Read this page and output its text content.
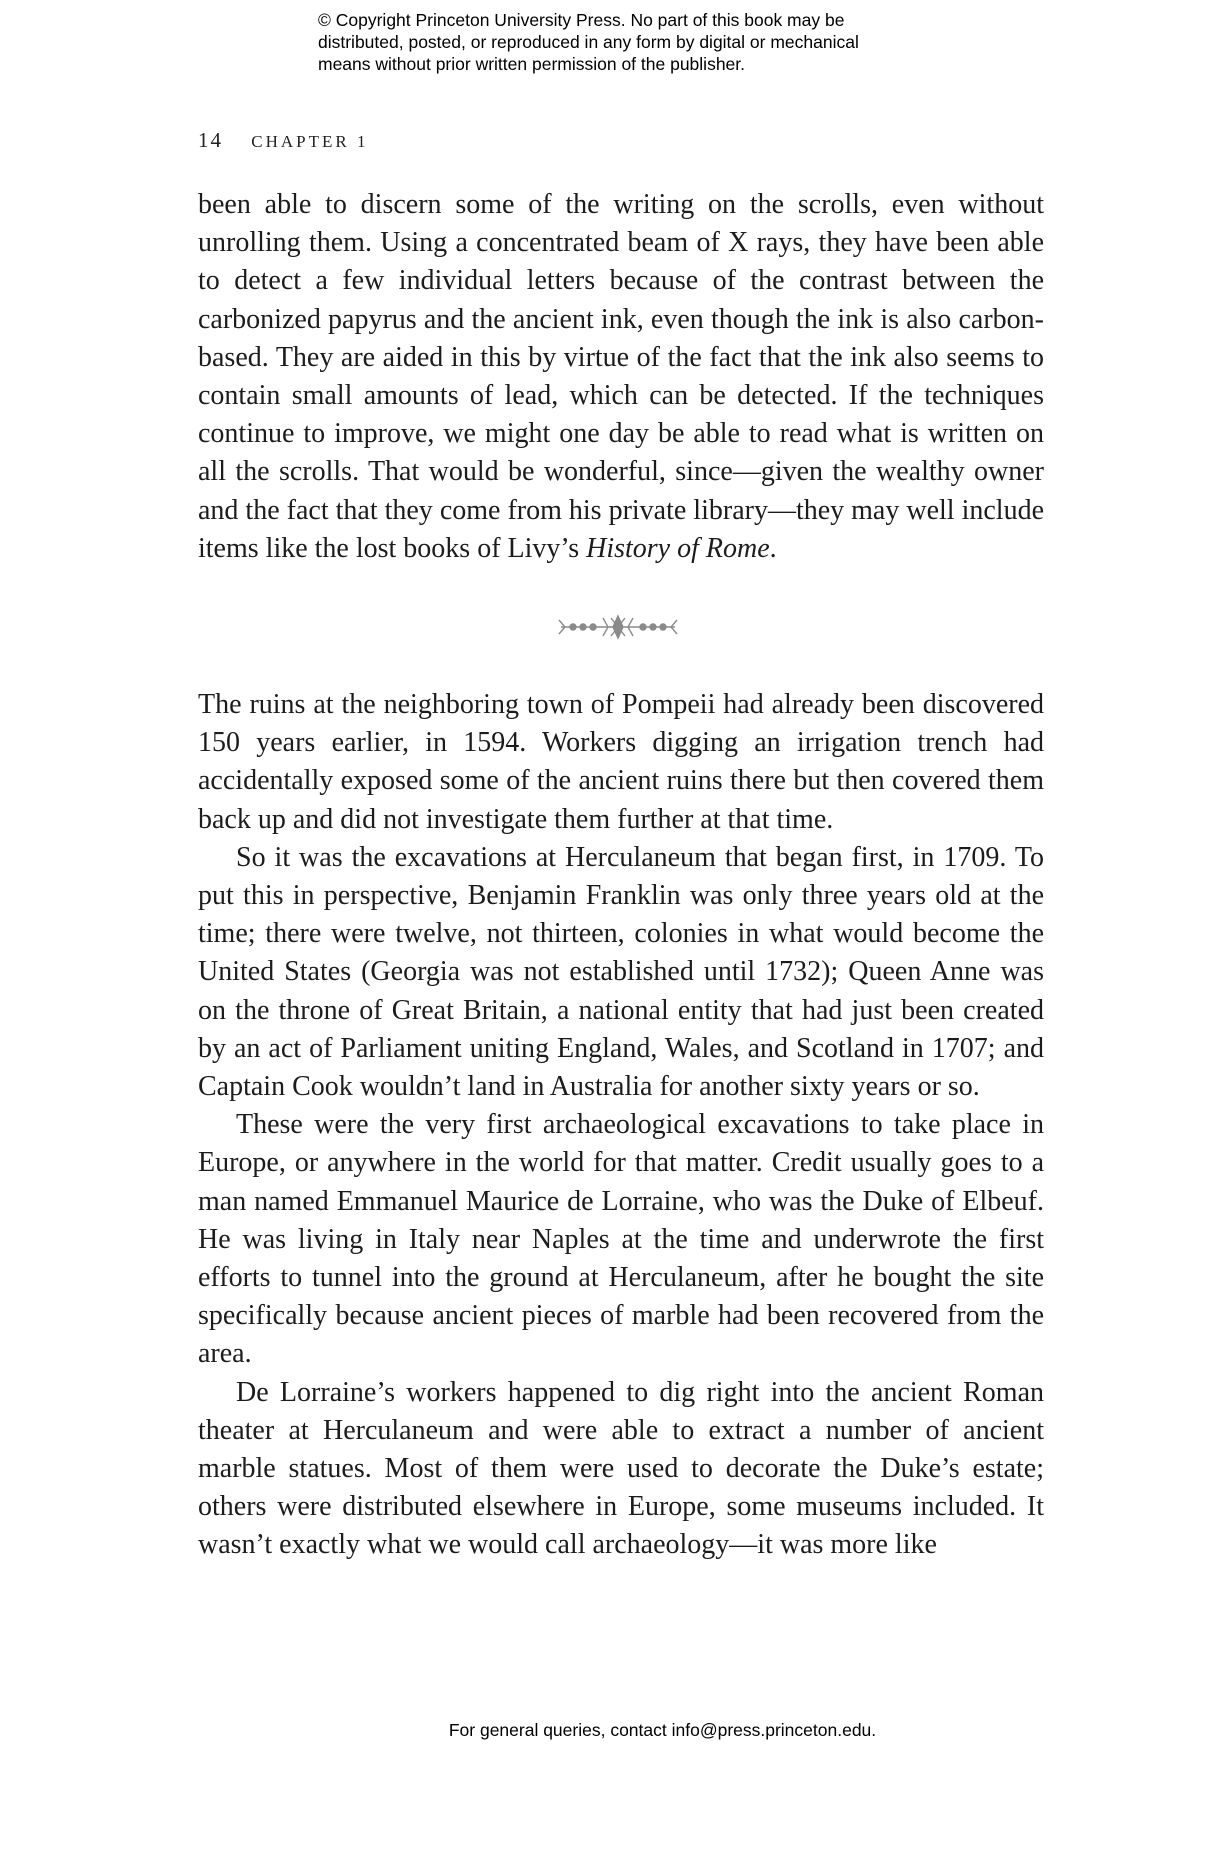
© Copyright Princeton University Press. No part of this book may be
distributed, posted, or reproduced in any form by digital or mechanical
means without prior written permission of the publisher.
14 CHAPTER 1

been able to discern some of the writing on the scrolls, even without unrolling them. Using a concentrated beam of X rays, they have been able to detect a few individual letters because of the contrast between the carbonized papyrus and the ancient ink, even though the ink is also carbon-based. They are aided in this by virtue of the fact that the ink also seems to contain small amounts of lead, which can be detected. If the techniques continue to improve, we might one day be able to read what is written on all the scrolls. That would be wonderful, since—given the wealthy owner and the fact that they come from his private library—they may well include items like the lost books of Livy’s History of Rome.

The ruins at the neighboring town of Pompeii had already been discovered 150 years earlier, in 1594. Workers digging an irrigation trench had accidentally exposed some of the ancient ruins there but then covered them back up and did not investigate them further at that time.

So it was the excavations at Herculaneum that began first, in 1709. To put this in perspective, Benjamin Franklin was only three years old at the time; there were twelve, not thirteen, colonies in what would become the United States (Georgia was not established until 1732); Queen Anne was on the throne of Great Britain, a national entity that had just been created by an act of Parliament uniting England, Wales, and Scotland in 1707; and Captain Cook wouldn’t land in Australia for another sixty years or so.

These were the very first archaeological excavations to take place in Europe, or anywhere in the world for that matter. Credit usually goes to a man named Emmanuel Maurice de Lorraine, who was the Duke of Elbeuf. He was living in Italy near Naples at the time and underwrote the first efforts to tunnel into the ground at Herculaneum, after he bought the site specifically because ancient pieces of marble had been recovered from the area.

De Lorraine’s workers happened to dig right into the ancient Roman theater at Herculaneum and were able to extract a number of ancient marble statues. Most of them were used to decorate the Duke’s estate; others were distributed elsewhere in Europe, some museums included. It wasn’t exactly what we would call archaeology—it was more like

For general queries, contact info@press.princeton.edu.
